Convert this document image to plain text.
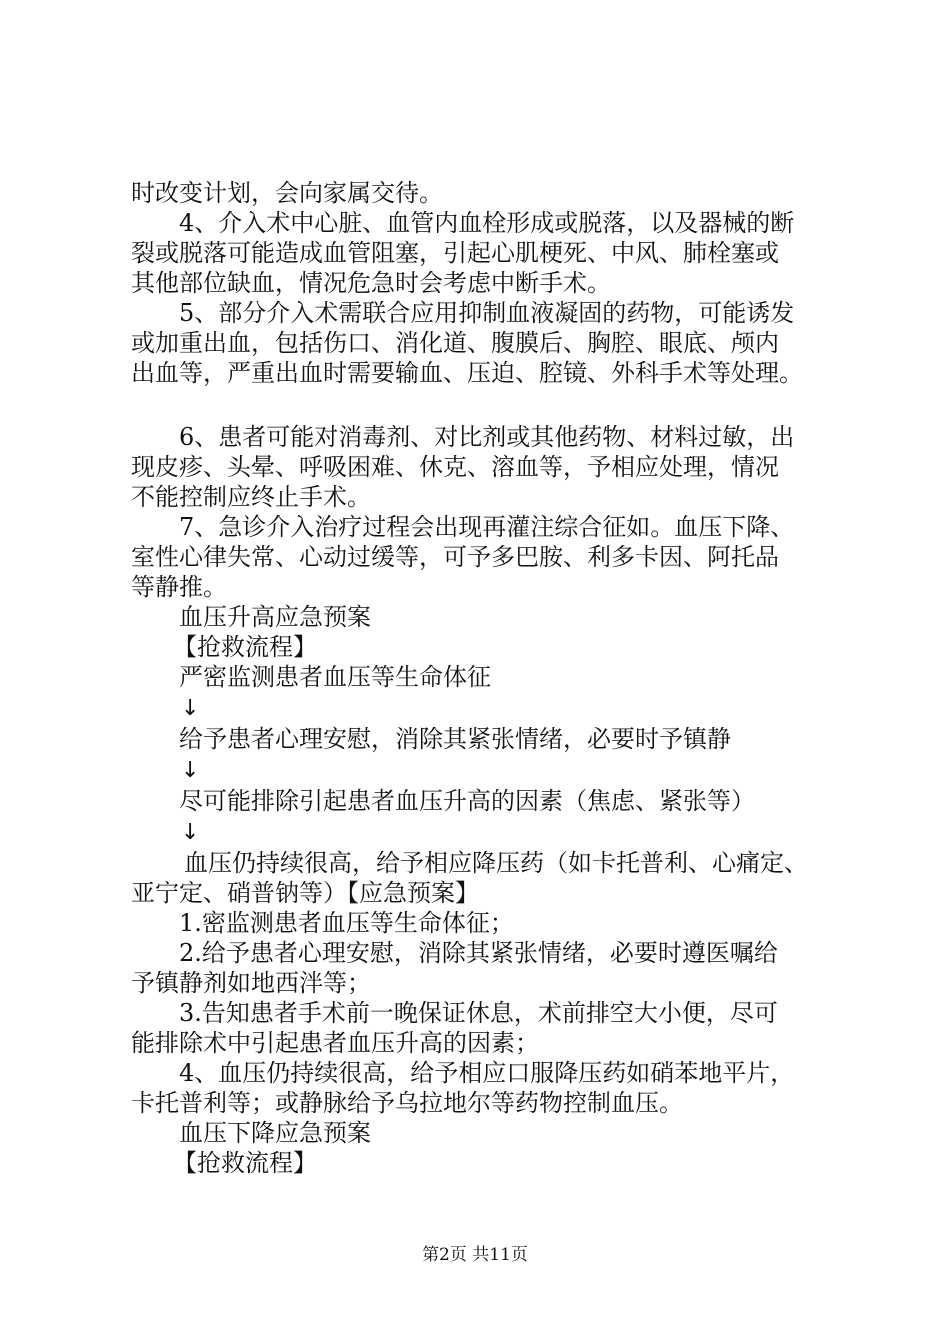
时改变计划，会向家属交待。
4、介入术中心脏、血管内血栓形成或脱落，以及器械的断
裂或脱落可能造成血管阻塞，引起心肌梗死、中风、肺栓塞或
其他部位缺血，情况危急时会考虑中断手术。
5、部分介入术需联合应用抑制血液凝固的药物，可能诱发
或加重出血，包括伤口、消化道、腹膜后、胸腔、眼底、颅内
出血等，严重出血时需要输血、压迫、腔镜、外科手术等处理。
6、患者可能对消毒剂、对比剂或其他药物、材料过敏，出
现皮疹、头晕、呼吸困难、休克、溶血等，予相应处理，情况
不能控制应终止手术。
7、急诊介入治疗过程会出现再灌注综合征如。血压下降、
室性心律失常、心动过缓等，可予多巴胺、利多卡因、阿托品
等静推。
血压升高应急预案
【抢救流程】
严密监测患者血压等生命体征
↓
给予患者心理安慰，消除其紧张情绪，必要时予镇静
↓
尽可能排除引起患者血压升高的因素（焦虑、紧张等）
↓
血压仍持续很高，给予相应降压药（如卡托普利、心痛定、
亚宁定、硝普钠等）【应急预案】
1.密监测患者血压等生命体征；
2.给予患者心理安慰，消除其紧张情绪，必要时遵医嘱给
予镇静剂如地西泮等；
3.告知患者手术前一晚保证休息，术前排空大小便，尽可
能排除术中引起患者血压升高的因素；
4、血压仍持续很高，给予相应口服降压药如硝苯地平片，
卡托普利等；或静脉给予乌拉地尔等药物控制血压。
血压下降应急预案
【抢救流程】
第2页 共11页
